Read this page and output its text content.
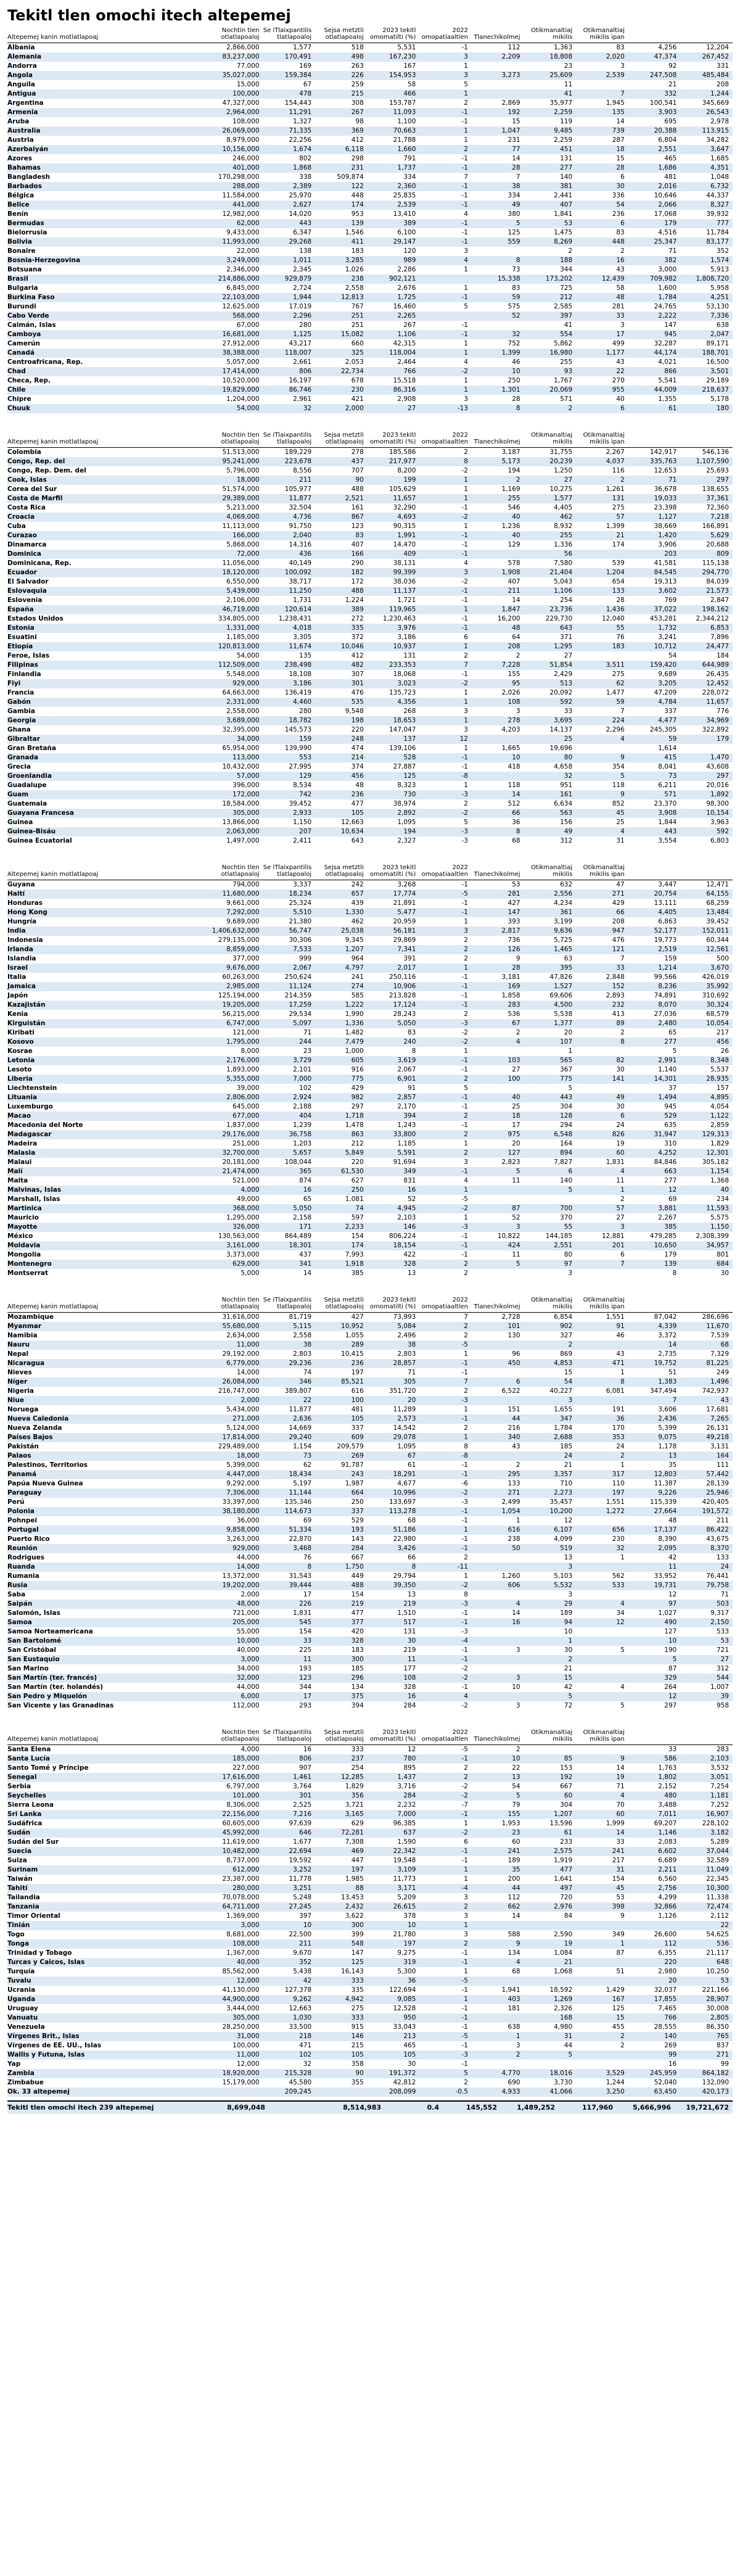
Tekitl tlen omochi itech altepemej
Altepemej kanin motlatlapoaj	Nochtin tlen otlatlapoaloj	Se iTlaixpantilis tlatlapoaloj	Sejsa metztli otlatlapoaloj	2023 tekitl omomatilti (%)	2022 omopatiaaltlen	Tlanechikolmej	Otikmanaltiaj mikilis	Otikmanaltiaj mikilis ipan		
Albania	2,866,000	1,577	518	5,531	-1	112	1,363	83	4,256	12,204
Alemania	83,237,000	170,491	498	167,230	3	2,209	18,808	2,020	47,374	267,452
Andorra	77,000	169	263	167	1		23	3	92	331
Angola	35,027,000	159,384	226	154,953	3	3,273	25,609	2,539	247,508	485,484
Anguila	15,000	67	259	58	5		11		21	208
Antigua	100,000	478	215	466	1		41	7	332	1,244
Argentina	47,327,000	154,443	308	153,787	2	2,869	35,977	1,945	100,541	345,669
Armenia	2,964,000	11,291	267	11,093	-1	192	2,259	135	3,903	26,543
Aruba	108,000	1,327	98	1,100	-1	15	119	14	695	2,978
Australia	26,069,000	71,335	369	70,663	1	1,047	9,485	739	20,388	113,915
Austria	8,979,000	22,256	412	21,788	1	231	2,259	287	6,804	34,282
Azerbaiyán	10,156,000	1,674	6,118	1,660	2	77	451	18	2,551	3,647
Azores	246,000	802	298	791	-1	14	131	15	465	1,685
Bahamas	401,000	1,868	231	1,737	-1	28	277	28	1,686	4,351
Bangladesh	170,298,000	338	509,874	334	7	7	140	6	481	1,048
Barbados	288,000	2,389	122	2,360	-1	38	381	30	2,016	6,732
Bélgica	11,584,000	25,970	448	25,835	-1	334	2,441	336	10,646	44,337
Belice	441,000	2,627	174	2,539	-1	49	407	54	2,066	8,327
Benín	12,982,000	14,020	953	13,410	4	380	1,841	236	17,068	39,932
Bermudas	62,000	443	139	389	-1	5	53	6	179	777
Bielorrusia	9,433,000	6,347	1,546	6,100	-1	125	1,475	83	4,516	11,784
Bolivia	11,993,000	29,268	411	29,147	-1	559	8,269	448	25,347	83,177
Bonaire	22,000	138	183	120	3		2	2	71	352
Bosnia-Herzegovina	3,249,000	1,011	3,285	989	4	8	188	16	382	1,574
Botsuana	2,346,000	2,345	1,026	2,286	1	73	344	43	3,000	5,913
Brasil	214,886,000	929,879	238	902,121		15,338	173,202	12,439	709,982	1,808,720
Bulgaria	6,845,000	2,724	2,558	2,676	1	83	725	58	1,600	5,958
Burkina Faso	22,103,000	1,944	12,813	1,725	-1	59	212	48	1,784	4,251
Burundi	12,625,000	17,019	767	16,460	5	575	2,585	281	24,765	53,130
Cabo Verde	568,000	2,296	251	2,265		52	397	33	2,222	7,336
Caimán, Islas	67,000	280	251	267	-1		41	3	147	638
Camboya	16,681,000	1,125	15,082	1,106	-1	32	554	17	945	2,047
Camerún	27,912,000	43,217	660	42,315	1	752	5,862	499	32,287	89,171
Canadá	38,388,000	118,007	325	118,004	1	1,399	16,980	1,177	44,174	188,701
Centroafricana, Rep.	5,057,000	2,661	2,053	2,464	4	46	255	43	4,021	16,500
Chad	17,414,000	806	22,734	766	-2	10	93	22	866	3,501
Checa, Rep.	10,520,000	16,197	678	15,518	1	250	1,767	270	5,541	29,189
Chile	19,829,000	86,746	230	86,316	1	1,301	20,069	955	44,009	218,637
Chipre	1,204,000	2,961	421	2,908	3	28	571	40	1,355	5,178
Chuuk	54,000	32	2,000	27	-13	8	2	6	61	180
Altepemej kanin motlatlapoaj	Nochtin tlen otlatlapoaloj	Se iTlaixpantilis tlatlapoaloj	Sejsa metztli otlatlapoaloj	2023 tekitl omomatilti (%)	2022 omopatiaaltlen	Tlanechikolmej	Otikmanaltiaj mikilis	Otikmanaltiaj mikilis ipan		
Colombia	51,513,000	189,229	278	185,586	2	3,187	31,755	2,267	142,917	546,136
Congo, Rep. del	95,241,000	223,678	437	217,977	8	5,173	20,239	4,037	335,763	1,107,590
Congo, Rep. Dem. del	5,796,000	8,556	707	8,200	-2	194	1,250	116	12,653	25,693
Cook, Islas	18,000	211	90	199	1	2	27	2	71	297
Corea del Sur	51,574,000	105,977	488	105,629	1	1,169	10,275	1,261	36,678	138,655
Costa de Marfil	29,389,000	11,877	2,521	11,657	1	255	1,577	131	19,033	37,361
Costa Rica	5,213,000	32,504	161	32,290	-1	546	4,405	275	23,398	72,360
Croacia	4,069,000	4,736	867	4,693	-2	40	462	57	1,127	7,218
Cuba	11,113,000	91,750	123	90,315	1	1,236	8,932	1,399	38,669	166,891
Curazao	166,000	2,040	83	1,991	-1	40	255	21	1,420	5,629
Dinamarca	5,868,000	14,316	407	14,470	-1	129	1,336	174	3,906	20,688
Dominica	72,000	436	166	409	-1		56		203	809
Dominicana, Rep.	11,056,000	40,149	290	38,131	4	578	7,580	539	41,581	115,138
Ecuador	18,120,000	100,092	182	99,399	3	1,908	21,404	1,204	84,545	294,770
El Salvador	6,550,000	38,717	172	38,036	-2	407	5,043	654	19,313	84,039
Eslovaquia	5,439,000	11,250	488	11,137	-1	211	1,106	133	3,602	21,573
Eslovenia	2,106,000	1,731	1,224	1,721	-1	14	254	28	769	2,847
España	46,719,000	120,614	389	119,965	1	1,847	23,736	1,436	37,022	198,162
Estados Unidos	334,805,000	1,238,431	272	1,230,463	-1	16,200	229,730	12,040	453,281	2,344,212
Estonia	1,331,000	4,018	335	3,976	-1	48	643	55	1,732	6,853
Esuatini	1,185,000	3,305	372	3,186	6	64	371	76	3,241	7,896
Etiopía	120,813,000	11,674	10,046	10,937	1	208	1,295	183	10,712	24,477
Feroe, Islas	54,000	135	412	131	2	2	27		54	184
Filipinas	112,509,000	238,498	482	233,353	7	7,228	51,854	3,511	159,420	644,989
Finlandia	5,548,000	18,108	307	18,068	-1	155	2,429	275	9,689	26,435
Fiyi	929,000	3,186	301	3,023	-2	95	513	62	3,205	12,452
Francia	64,663,000	136,419	476	135,723	1	2,026	20,092	1,477	47,209	228,072
Gabón	2,331,000	4,460	535	4,356	1	108	592	59	4,784	11,657
Gambia	2,558,000	280	9,548	268	3	3	33	7	337	776
Georgia	3,689,000	18,782	198	18,653	1	278	3,695	224	4,477	34,969
Ghana	32,395,000	145,573	220	147,047	3	4,203	14,137	2,296	245,305	322,892
Gibraltar	34,000	159	248	137	12		25	4	59	179
Gran Bretaña	65,954,000	139,990	474	139,106	1	1,665	19,696		1,614	
Granada	113,000	553	214	528	-1	10	80	9	415	1,470
Grecia	10,432,000	27,995	374	27,887	-1	418	4,658	354	8,041	43,608
Groenlandia	57,000	129	456	125	-8		32	5	73	297
Guadalupe	396,000	8,534	48	8,323	1	118	951	118	6,211	20,016
Guam	172,000	742	236	730	-3	14	161	9	571	1,892
Guatemala	18,584,000	39,452	477	38,974	2	512	6,634	852	23,370	98,300
Guayana Francesa	305,000	2,933	105	2,892	-2	66	563	45	3,908	10,154
Guinea	13,866,000	1,150	12,663	1,095	5	36	156	25	1,844	3,963
Guinea-Bisáu	2,063,000	207	10,634	194	-3	8	49	4	443	592
Guinea Ecuatorial	1,497,000	2,411	643	2,327	-3	68	312	31	3,554	6,803
Altepemej kanin motlatlapoaj	Nochtin tlen otlatlapoaloj	Se iTlaixpantilis tlatlapoaloj	Sejsa metztli otlatlapoaloj	2023 tekitl omomatilti (%)	2022 omopatiaaltlen	Tlanechikolmej	Otikmanaltiaj mikilis	Otikmanaltiaj mikilis ipan		
Guyana	794,000	3,337	242	3,268	-1	53	632	47	3,447	12,471
Haití	11,680,000	18,234	657	17,774	-5	281	2,556	271	20,754	64,155
Honduras	9,661,000	25,324	439	21,891	-1	427	4,234	429	13,111	68,259
Hong Kong	7,292,000	5,510	1,330	5,477	-1	147	361	66	4,405	13,484
Hungría	9,689,000	21,380	462	20,959	1	393	3,199	208	6,863	39,452
India	1,406,632,000	56,747	25,038	56,181	3	2,817	9,636	947	52,177	152,011
Indonesia	279,135,000	30,306	9,345	29,869	2	736	5,725	476	19,773	60,344
Irlanda	8,859,000	7,533	1,207	7,341	2	126	1,465	121	2,519	12,561
Islandia	377,000	999	964	391	2	9	63	7	159	500
Israel	9,676,000	2,067	4,797	2,017	1	28	395	33	1,214	3,670
Italia	60,263,000	250,624	241	250,116	-1	3,181	47,826	2,848	99,566	426,019
Jamaica	2,985,000	11,124	274	10,906	-1	169	1,527	152	8,236	35,992
Japón	125,194,000	214,359	585	213,828	-1	1,858	69,606	2,893	74,891	310,692
Kazajistán	19,205,000	17,259	1,222	17,124	-1	283	4,500	232	8,070	30,324
Kenia	56,215,000	29,534	1,990	28,243	2	536	5,538	413	27,036	68,579
Kirguistán	6,747,000	5,097	1,336	5,050	-3	67	1,377	89	2,480	10,054
Kiribati	121,000	71	1,482	83	-2	2	20	2	65	217
Kosovo	1,795,000	244	7,479	240	-2	4	107	8	277	456
Kosrae	8,000	23	1,000	8	1		1		5	26
Letonia	2,176,000	3,729	605	3,619	-1	103	565	82	2,991	8,348
Lesoto	1,893,000	2,101	916	2,067	-1	27	367	30	1,140	5,537
Liberia	5,355,000	7,000	775	6,901	2	100	775	141	14,301	28,935
Liechtenstein	39,000	102	429	91	5		5		37	157
Lituania	2,806,000	2,924	982	2,857	-1	40	443	49	1,494	4,895
Luxemburgo	645,000	2,188	297	2,170	-1	25	304	30	945	4,054
Macao	677,000	404	1,718	394	2	18	128	6	529	1,122
Macedonia del Norte	1,837,000	1,239	1,478	1,243	-1	17	294	24	635	2,859
Madagascar	29,176,000	36,758	863	33,800	2	975	6,548	826	31,947	129,313
Madeira	251,000	1,203	212	1,185	1	20	164	19	310	1,829
Malasia	32,700,000	5,657	5,849	5,591	2	127	894	60	4,252	12,301
Malaui	20,181,000	108,044	220	91,694	3	2,823	7,827	1,831	84,846	305,182
Malí	21,474,000	365	61,530	349	-1	5	6	4	663	1,154
Malta	521,000	874	627	831	4	11	140	11	277	1,368
Malvinas, Islas	4,000	16	250	16	1		5	1	12	40
Marshall, Islas	49,000	65	1,081	52	-5			2	69	234
Martinica	368,000	5,050	74	4,945	-2	87	700	57	3,881	11,593
Mauricio	1,295,000	2,158	597	2,103	1	52	370	27	2,267	5,575
Mayotte	326,000	171	2,233	146	-3	3	55	3	385	1,150
México	130,563,000	864,489	154	806,224	-1	10,822	144,185	12,881	479,285	2,308,399
Moldavia	3,161,000	18,301	174	18,154	-1	424	2,551	201	10,650	34,957
Mongolia	3,373,000	437	7,993	422	-1	11	80	6	179	801
Montenegro	629,000	341	1,918	328	2	5	97	7	139	684
Montserrat	5,000	14	385	13	2		3		8	30
Altepemej kanin motlatlapoaj	Nochtin tlen otlatlapoaloj	Se iTlaixpantilis tlatlapoaloj	Sejsa metztli otlatlapoaloj	2023 tekitl omomatilti (%)	2022 omopatiaaltlen	Tlanechikolmej	Otikmanaltiaj mikilis	Otikmanaltiaj mikilis ipan		
Mozambique	31,616,000	81,719	427	73,993	7	2,728	6,854	1,551	87,042	286,696
Myanmar	55,680,000	5,115	10,952	5,084	2	101	902	91	4,339	11,670
Namibia	2,634,000	2,558	1,055	2,496	2	130	327	46	3,372	7,539
Nauru	11,000	38	289	38	-5		2		14	68
Nepal	29,192,000	2,803	10,415	2,803	1	96	869	43	2,735	7,329
Nicaragua	6,779,000	29,236	236	28,857	-1	450	4,853	471	19,752	81,225
Nieves	14,000	74	197	71	-1		15	1	51	249
Níger	26,084,000	346	85,521	305	7	6	54	8	1,383	1,496
Nigeria	216,747,000	389,807	616	351,720	2	6,522	40,227	6,081	347,494	742,937
Niue	2,000	22	100	20	-3		3		7	43
Noruega	5,434,000	11,877	481	11,289	1	151	1,655	191	3,606	17,681
Nueva Caledonia	271,000	2,636	105	2,573	-1	44	347	36	2,436	7,265
Nueva Zelanda	5,124,000	14,669	337	14,542	2	216	1,784	170	5,399	26,131
Países Bajos	17,814,000	29,240	609	29,078	1	340	2,688	353	9,075	49,218
Pakistán	229,489,000	1,154	209,579	1,095	8	43	185	24	1,178	3,131
Palaos	18,000	73	269	67	-8		24	2	13	164
Palestinos, Territorios	5,399,000	62	91,787	61	-1	2	21	1	35	111
Panamá	4,447,000	18,434	243	18,291	-1	295	3,357	317	12,803	57,442
Papúa Nueva Guinea	9,292,000	5,197	1,987	4,677	-6	133	710	110	11,387	28,139
Paraguay	7,306,000	11,144	664	10,996	-2	271	2,273	197	9,226	25,946
Perú	33,397,000	135,346	250	133,697	-3	2,499	35,457	1,551	115,339	420,405
Polonia	38,180,000	114,673	337	113,278	-1	1,054	10,200	1,272	27,664	191,572
Pohnpei	36,000	69	529	68	-1	1	12		48	211
Portugal	9,858,000	51,334	193	51,186	1	616	6,107	656	17,137	86,422
Puerto Rico	3,263,000	22,870	143	22,980	-1	238	4,099	230	8,390	43,675
Reunión	929,000	3,468	284	3,426	-1	50	519	32	2,095	8,370
Rodrigues	44,000	76	667	66	2		13	1	42	133
Ruanda	14,000	8	1,750	8	-11		3		11	24
Rumania	13,372,000	31,543	449	29,794	1	1,260	5,103	562	33,952	76,441
Rusia	19,202,000	39,444	488	39,350	-2	606	5,532	533	19,731	79,758
Saba	2,000	17	154	13	8		3		12	71
Saipán	48,000	226	219	219	-3	4	29	4	97	503
Salomón, Islas	721,000	1,831	477	1,510	-1	14	189	34	1,027	9,317
Samoa	205,000	545	377	517	-1	16	94	12	490	2,150
Samoa Norteamericana	55,000	154	420	131	-3		10		127	533
San Bartolomé	10,000	33	328	30	-4		1		10	53
San Cristóbal	40,000	225	183	219	-1	3	30	5	190	721
San Eustaquio	3,000	11	300	11	-1		2		5	27
San Marino	34,000	193	185	177	-2		21		87	312
San Martín (ter. francés)	32,000	123	296	108	-2	3	15		329	544
San Martín (ter. holandés)	44,000	344	134	328	-1	10	42	4	264	1,007
San Pedro y Miquelón	6,000	17	375	16	4		5		12	39
San Vicente y las Granadinas	112,000	293	394	284	-2	3	72	5	297	958
Altepemej kanin motlatlapoaj	Nochtin tlen otlatlapoaloj	Se iTlaixpantilis tlatlapoaloj	Sejsa metztli otlatlapoaloj	2023 tekitl omomatilti (%)	2022 omopatiaaltlen	Tlanechikolmej	Otikmanaltiaj mikilis	Otikmanaltiaj mikilis ipan		
Santa Elena	4,000	16	333	12	-5	2			33	283
Santa Lucía	185,000	806	237	780	-1	10	85	9	586	2,103
Santo Tomé y Príncipe	227,000	907	254	895	2	22	153	14	1,763	3,532
Senegal	17,616,000	1,461	12,285	1,437	2	13	192	19	1,802	3,051
Serbia	6,797,000	3,764	1,829	3,716	-2	54	667	71	2,152	7,254
Seychelles	101,000	301	356	284	-2	5	60	4	480	1,181
Sierra Leona	8,306,000	2,525	3,721	2,232	-7	79	304	70	3,488	7,252
Sri Lanka	22,156,000	7,216	3,165	7,000	-1	155	1,207	60	7,011	16,907
Sudáfrica	60,605,000	97,639	629	96,385	1	1,953	13,596	1,999	69,207	228,102
Sudán	45,992,000	646	72,281	637	-2	23	61	14	1,146	3,182
Sudán del Sur	11,619,000	1,677	7,308	1,590	6	60	233	33	2,083	5,289
Suecia	10,482,000	22,694	469	22,342	-1	241	2,575	241	6,602	37,044
Suiza	8,737,000	19,592	447	19,548	-1	189	1,919	217	6,689	32,589
Surinam	612,000	3,252	197	3,109	1	35	477	31	2,211	11,049
Taiwán	23,387,000	11,778	1,985	11,773	1	200	1,641	154	6,560	22,345
Tahití	280,000	3,251	88	3,171	-4	44	497	45	2,756	10,300
Tailandia	70,078,000	5,248	13,453	5,209	3	112	720	53	4,299	11,338
Tanzania	64,711,000	27,245	2,432	26,615	2	662	2,976	398	32,866	72,474
Timor Oriental	1,369,000	397	3,622	378	3	14	84	9	1,126	2,112
Tinián	3,000	10	300	10	1					22
Togo	8,681,000	22,500	399	21,780	3	588	2,590	349	26,600	54,625
Tonga	108,000	211	548	197	2	9	19	1	112	536
Trinidad y Tobago	1,367,000	9,670	147	9,275	-1	134	1,084	87	6,355	21,117
Turcas y Caicos, Islas	40,000	352	125	319	-1	4	21		220	648
Turquía	85,562,000	5,438	16,143	5,300	1	68	1,068	51	2,980	10,250
Tuvalu	12,000	42	333	36	-5				20	53
Ucrania	41,130,000	127,378	335	122,694	-1	1,941	18,592	1,429	32,037	221,166
Uganda	44,900,000	9,262	4,942	9,085	1	403	1,269	167	17,855	28,907
Uruguay	3,444,000	12,663	275	12,528	-1	181	2,326	125	7,465	30,008
Vanuatu	305,000	1,030	333	950	-1		168	15	766	2,805
Venezuela	28,250,000	33,500	915	33,043	-1	638	4,980	455	28,555	86,350
Vírgenes Brit., Islas	31,000	218	146	213	-5	1	31	2	140	765
Vírgenes de EE. UU., Islas	100,000	471	215	465	-1	3	44	2	269	837
Wallis y Futuna, Islas	11,000	102	105	105	-3	2	5		99	271
Yap	12,000	32	358	30	-1				16	99
Zambia	18,920,000	215,328	90	191,372	5	4,770	18,016	3,529	245,959	864,182
Zimbabue	15,179,000	45,580	355	42,812	2	690	3,730	1,244	52,040	132,090
Ok. 33 altepemej		209,245		208,099	-0.5	4,933	41,066	3,250	63,450	420,173
Tekitl tlen omochi itech 239 altepemej	8,699,048		8,514,983	0.4	145,552	1,489,252	117,960	5,666,996	19,721,672
